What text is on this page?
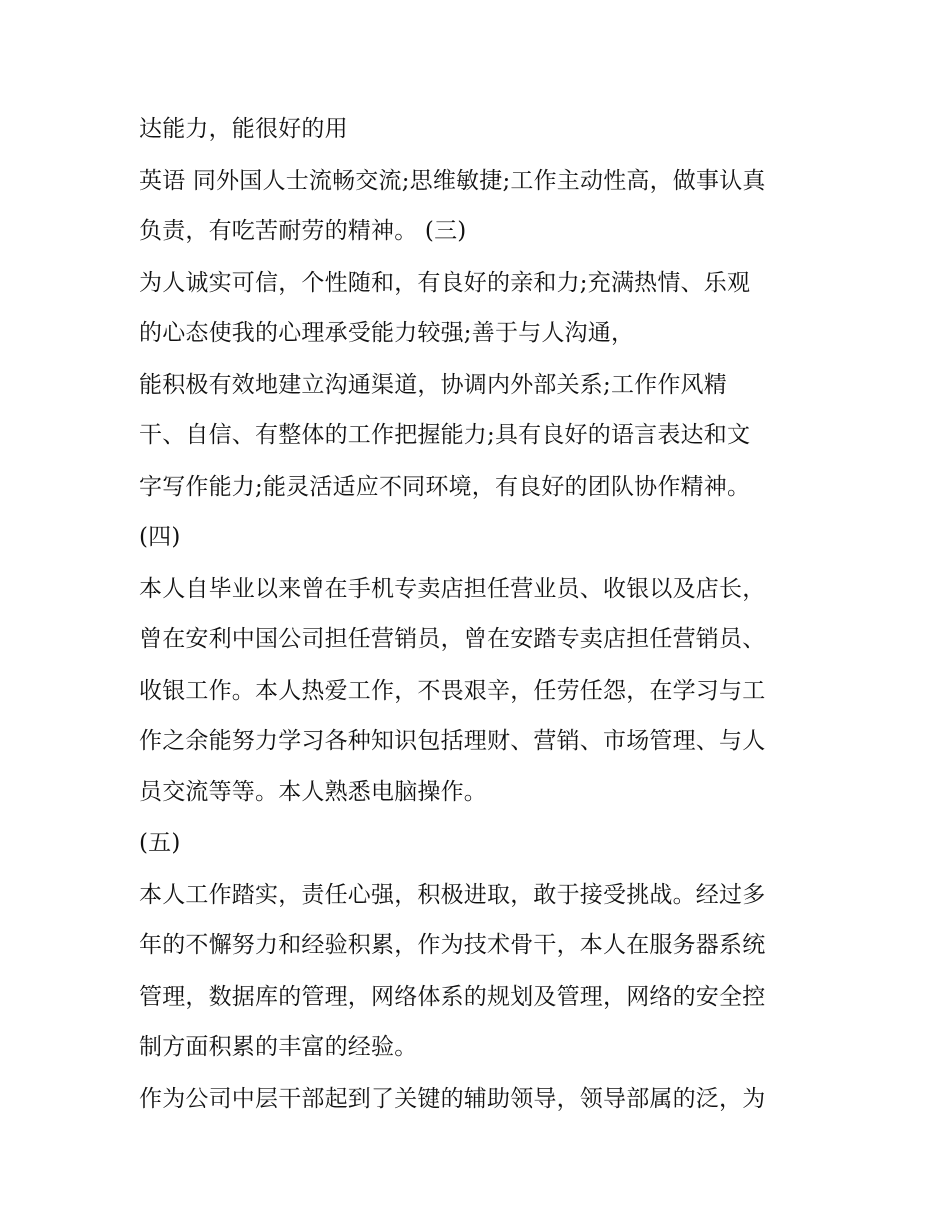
达能力，能很好的用
英语 同外国人士流畅交流;思维敏捷;工作主动性高，做事认真
负责，有吃苦耐劳的精神。 (三)
为人诚实可信，个性随和，有良好的亲和力;充满热情、乐观
的心态使我的心理承受能力较强;善于与人沟通，
能积极有效地建立沟通渠道，协调内外部关系;工作作风精
干、自信、有整体的工作把握能力;具有良好的语言表达和文
字写作能力;能灵活适应不同环境，有良好的团队协作精神。
(四)
本人自毕业以来曾在手机专卖店担任营业员、收银以及店长，
曾在安利中国公司担任营销员，曾在安踏专卖店担任营销员、
收银工作。本人热爱工作，不畏艰辛，任劳任怨，在学习与工
作之余能努力学习各种知识包括理财、营销、市场管理、与人
员交流等等。本人熟悉电脑操作。
(五)
本人工作踏实，责任心强，积极进取，敢于接受挑战。经过多
年的不懈努力和经验积累，作为技术骨干，本人在服务器系统
管理，数据库的管理，网络体系的规划及管理，网络的安全控
制方面积累的丰富的经验。
作为公司中层干部起到了关键的辅助领导，领导部属的泛，为
